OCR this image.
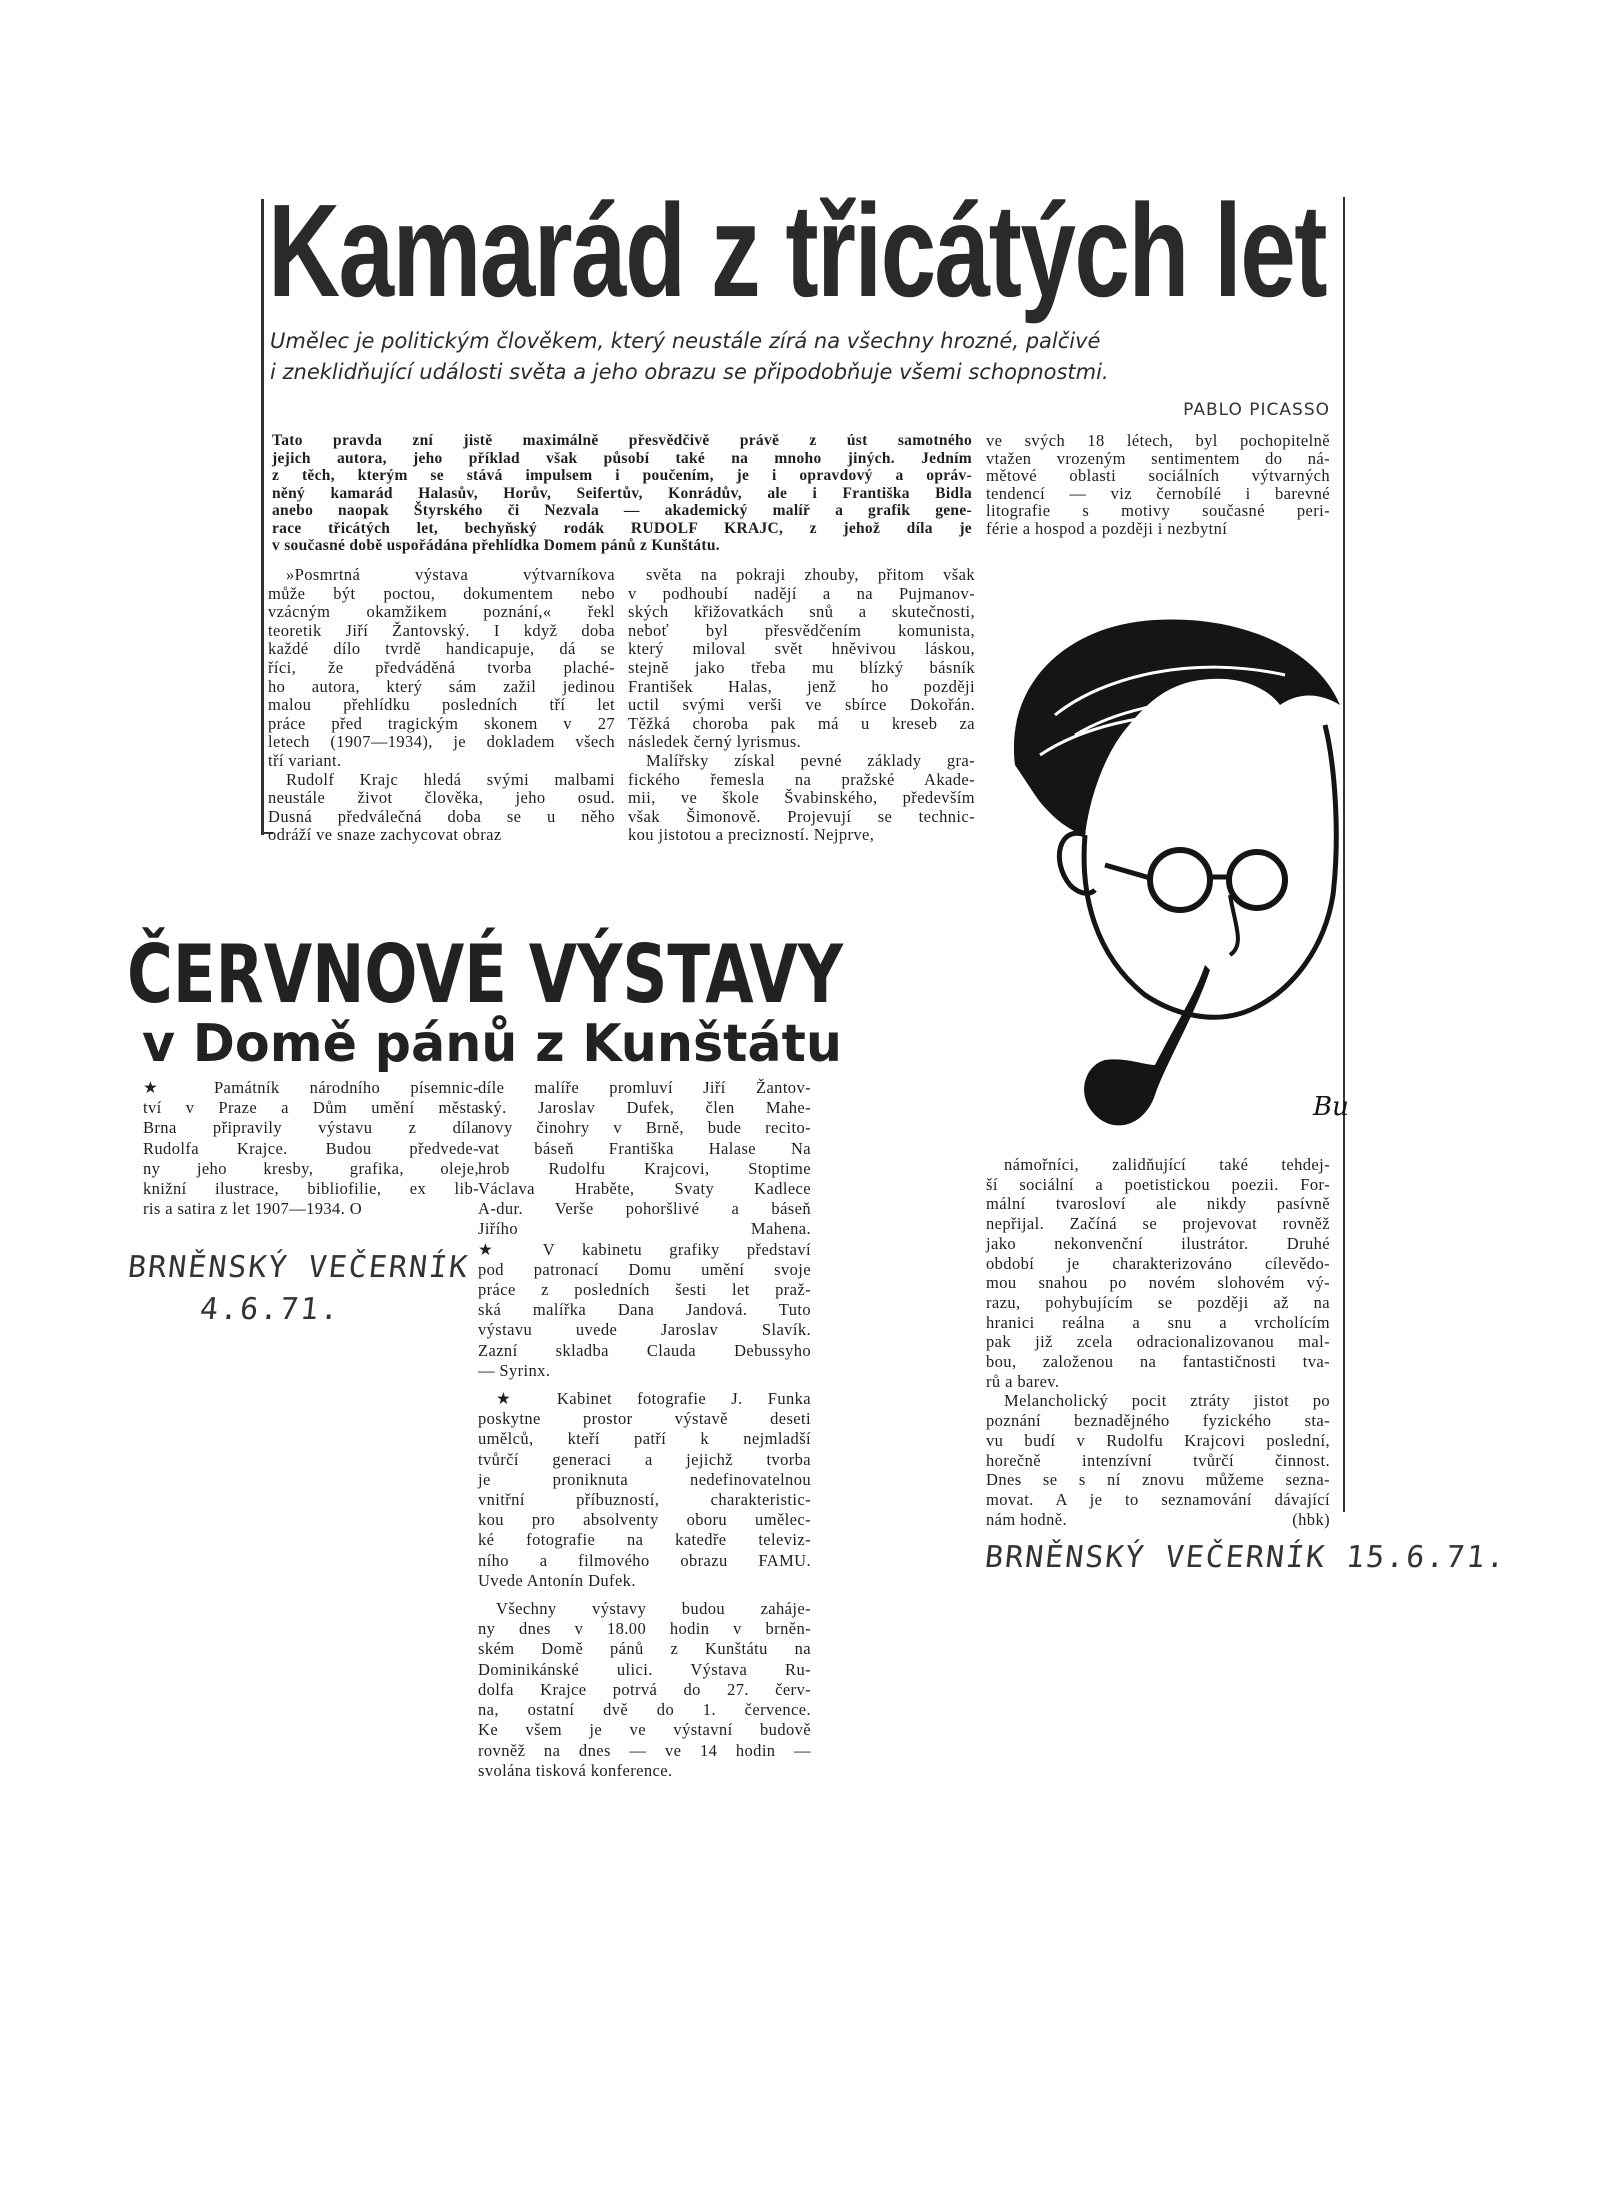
Kamarád z třicátých let
Umělec je politickým člověkem, který neustále zírá na všechny hrozné, palčivé
i zneklidňující události světa a jeho obrazu se připodobňuje všemi schopnostmi.
PABLO PICASSO
Tato pravda zní jistě maximálně přesvědčivě právě z úst samotného
jejich autora, jeho příklad však působí také na mnoho jiných. Jedním
z těch, kterým se stává impulsem i poučením, je i opravdový a opráv-
něný kamarád Halasův, Horův, Seifertův, Konrádův, ale i Františka Bidla
anebo naopak Štyrského či Nezvala — akademický malíř a grafik gene-
race třicátých let, bechyňský rodák RUDOLF KRAJC, z jehož díla je
v současné době uspořádána přehlídka Domem pánů z Kunštátu.
ve svých 18 létech, byl pochopitelně
vtažen vrozeným sentimentem do ná-
mětové oblasti sociálních výtvarných
tendencí — viz černobílé i barevné
litografie s motivy současné peri-
férie a hospod a později i nezbytní
»Posmrtná výstava výtvarníkova
může být poctou, dokumentem nebo
vzácným okamžikem poznání,« řekl
teoretik Jiří Žantovský. I když doba
každé dílo tvrdě handicapuje, dá se
říci, že předváděná tvorba plaché-
ho autora, který sám zažil jedinou
malou přehlídku posledních tří let
práce před tragickým skonem v 27
letech (1907—1934), je dokladem všech
tří variant.
Rudolf Krajc hledá svými malbami
neustále život člověka, jeho osud.
Dusná předválečná doba se u něho
odráží ve snaze zachycovat obraz
světa na pokraji zhouby, přitom však
v podhoubí nadějí a na Pujmanov-
ských křižovatkách snů a skutečnosti,
neboť byl přesvědčením komunista,
který miloval svět hněvivou láskou,
stejně jako třeba mu blízký básník
František Halas, jenž ho později
uctil svými verši ve sbírce Dokořán.
Těžká choroba pak má u kreseb za
následek černý lyrismus.
Malířsky získal pevné základy gra-
fického řemesla na pražské Akade-
mii, ve škole Švabinského, především
však Šimonově. Projevují se technic-
kou jistotou a precizností. Nejprve,
Bu
námořníci, zalidňující také tehdej-
ší sociální a poetistickou poezii. For-
mální tvarosloví ale nikdy pasívně
nepřijal. Začíná se projevovat rovněž
jako nekonvenční ilustrátor. Druhé
období je charakterizováno cílevědo-
mou snahou po novém slohovém vý-
razu, pohybujícím se později až na
hranici reálna a snu a vrcholícím
pak již zcela odracionalizovanou mal-
bou, založenou na fantastičnosti tva-
rů a barev.
Melancholický pocit ztráty jistot po
poznání beznadějného fyzického sta-
vu budí v Rudolfu Krajcovi poslední,
horečně intenzívní tvůrčí činnost.
Dnes se s ní znovu můžeme sezna-
movat. A je to seznamování dávající
(hbk)
nám hodně.
ČERVNOVÉ VÝSTAVY
v Domě pánů z Kunštátu
★ Památník národního písemnic-
tví v Praze a Dům umění města
Brna připravily výstavu z díla
Rudolfa Krajce. Budou předvede-
ny jeho kresby, grafika, oleje,
knižní ilustrace, bibliofilie, ex lib-
ris a satira z let 1907—1934. O
díle malíře promluví Jiří Žantov-
ský. Jaroslav Dufek, člen Mahe-
novy činohry v Brně, bude recito-
vat báseň Františka Halase Na
hrob Rudolfu Krajcovi, Stoptime
Václava Hraběte, Svaty Kadlece
A-dur. Verše pohoršlivé a báseň
Jiřího Mahena.
★ V kabinetu grafiky představí
pod patronací Domu umění svoje
práce z posledních šesti let praž-
ská malířka Dana Jandová. Tuto
výstavu uvede Jaroslav Slavík.
Zazní skladba Clauda Debussyho
— Syrinx.
★ Kabinet fotografie J. Funka
poskytne prostor výstavě deseti
umělců, kteří patří k nejmladší
tvůrčí generaci a jejichž tvorba
je proniknuta nedefinovatelnou
vnitřní příbuzností, charakteristic-
kou pro absolventy oboru umělec-
ké fotografie na katedře televiz-
ního a filmového obrazu FAMU.
Uvede Antonín Dufek.
Všechny výstavy budou zaháje-
ny dnes v 18.00 hodin v brněn-
ském Domě pánů z Kunštátu na
Dominikánské ulici. Výstava Ru-
dolfa Krajce potrvá do 27. červ-
na, ostatní dvě do 1. července.
Ke všem je ve výstavní budově
rovněž na dnes — ve 14 hodin —
svolána tisková konference.
BRNĚNSKÝ VEČERNÍK
4.6.71.
BRNĚNSKÝ VEČERNÍK 15.6.71.
